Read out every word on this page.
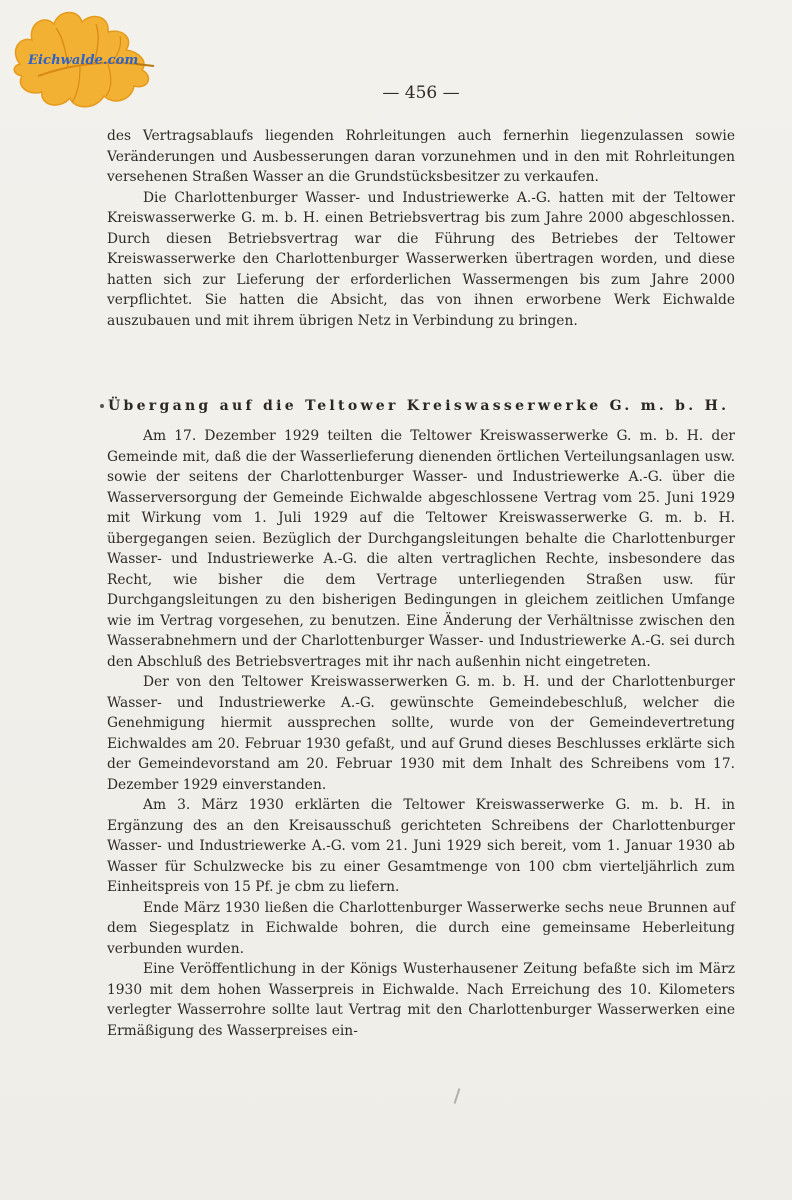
Eichwalde.com
— 456 —

des Vertragsablaufs liegenden Rohrleitungen auch fernerhin liegenzulassen sowie Veränderungen und Ausbesserungen daran vorzunehmen und in den mit Rohrleitungen versehenen Straßen Wasser an die Grundstücksbesitzer zu verkaufen.

Die Charlottenburger Wasser- und Industriewerke A.-G. hatten mit der Teltower Kreiswasserwerke G. m. b. H. einen Betriebsvertrag bis zum Jahre 2000 abgeschlossen. Durch diesen Betriebsvertrag war die Führung des Betriebes der Teltower Kreiswasserwerke den Charlottenburger Wasserwerken übertragen worden, und diese hatten sich zur Lieferung der erforderlichen Wassermengen bis zum Jahre 2000 verpflichtet. Sie hatten die Absicht, das von ihnen erworbene Werk Eichwalde auszubauen und mit ihrem übrigen Netz in Verbindung zu bringen.

Übergang auf die Teltower Kreiswasserwerke G. m. b. H.

Am 17. Dezember 1929 teilten die Teltower Kreiswasserwerke G. m. b. H. der Gemeinde mit, daß die der Wasserlieferung dienenden örtlichen Verteilungsanlagen usw. sowie der seitens der Charlottenburger Wasser- und Industriewerke A.-G. über die Wasserversorgung der Gemeinde Eichwalde abgeschlossene Vertrag vom 25. Juni 1929 mit Wirkung vom 1. Juli 1929 auf die Teltower Kreiswasserwerke G. m. b. H. übergegangen seien. Bezüglich der Durchgangsleitungen behalte die Charlottenburger Wasser- und Industriewerke A.-G. die alten vertraglichen Rechte, insbesondere das Recht, wie bisher die dem Vertrage unterliegenden Straßen usw. für Durchgangsleitungen zu den bisherigen Bedingungen in gleichem zeitlichen Umfange wie im Vertrag vorgesehen, zu benutzen. Eine Änderung der Verhältnisse zwischen den Wasserabnehmern und der Charlottenburger Wasser- und Industriewerke A.-G. sei durch den Abschluß des Betriebsvertrages mit ihr nach außenhin nicht eingetreten.

Der von den Teltower Kreiswasserwerken G. m. b. H. und der Charlottenburger Wasser- und Industriewerke A.-G. gewünschte Gemeindebeschluß, welcher die Genehmigung hiermit aussprechen sollte, wurde von der Gemeindevertretung Eichwaldes am 20. Februar 1930 gefaßt, und auf Grund dieses Beschlusses erklärte sich der Gemeindevorstand am 20. Februar 1930 mit dem Inhalt des Schreibens vom 17. Dezember 1929 einverstanden.

Am 3. März 1930 erklärten die Teltower Kreiswasserwerke G. m. b. H. in Ergänzung des an den Kreisausschuß gerichteten Schreibens der Charlottenburger Wasser- und Industriewerke A.-G. vom 21. Juni 1929 sich bereit, vom 1. Januar 1930 ab Wasser für Schulzwecke bis zu einer Gesamtmenge von 100 cbm vierteljährlich zum Einheitspreis von 15 Pf. je cbm zu liefern.

Ende März 1930 ließen die Charlottenburger Wasserwerke sechs neue Brunnen auf dem Siegesplatz in Eichwalde bohren, die durch eine gemeinsame Heberleitung verbunden wurden.

Eine Veröffentlichung in der Königs Wusterhausener Zeitung befaßte sich im März 1930 mit dem hohen Wasserpreis in Eichwalde. Nach Erreichung des 10. Kilometers verlegter Wasserrohre sollte laut Vertrag mit den Charlottenburger Wasserwerken eine Ermäßigung des Wasserpreises ein-
